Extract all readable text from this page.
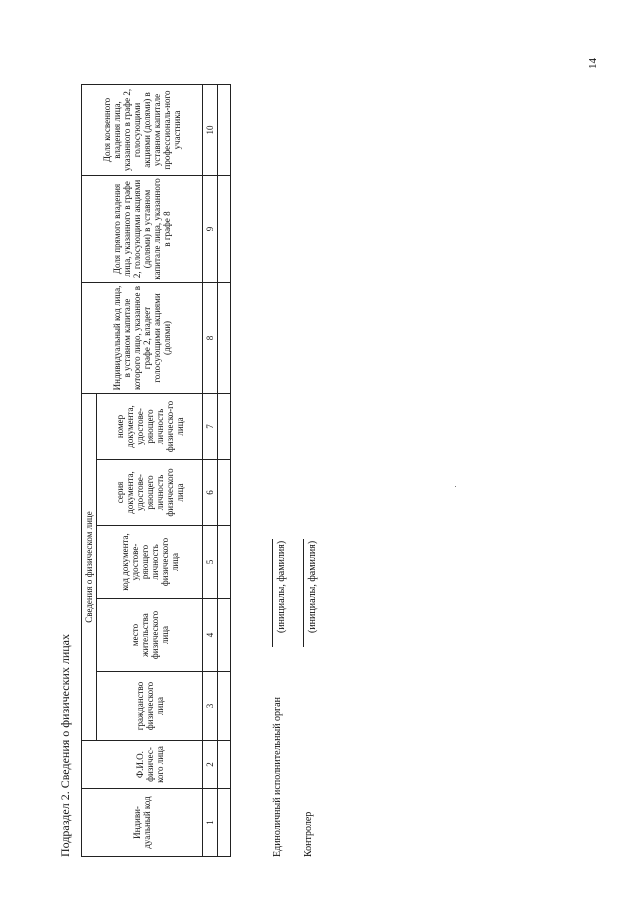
14
Подраздел 2. Сведения о физических лицах	Индиви-дуальный код		Сведения о физическом лице					Индивидуальный код лица, в уставном капитале которого лицо, указанное в графе 2, владеет голосующими акциями (долями)	Доля прямого владения лица, указанного в графе 2, голосующими акциями (долями) в уставном капитале лица, указанного в графе 8	Доля косвенного владения лица, указанного в графе 2, голосующими акциями (долями) в уставном капитале профессиональ-ного участника
	Ф.И.О. физичес-кого лица	гражданство физического лица	место жительства физического лица	код документа, удостове-ряющего личность физического лица	серия документа, удостове-ряющего личность физического лица	номер документа, удостове-ряющего личность физическо-го лица			
1	2	3	4	5	6	7	8	9	10

Единоличный исполнительный орган
(инициалы, фамилия)
Контролер
(инициалы, фамилия)
